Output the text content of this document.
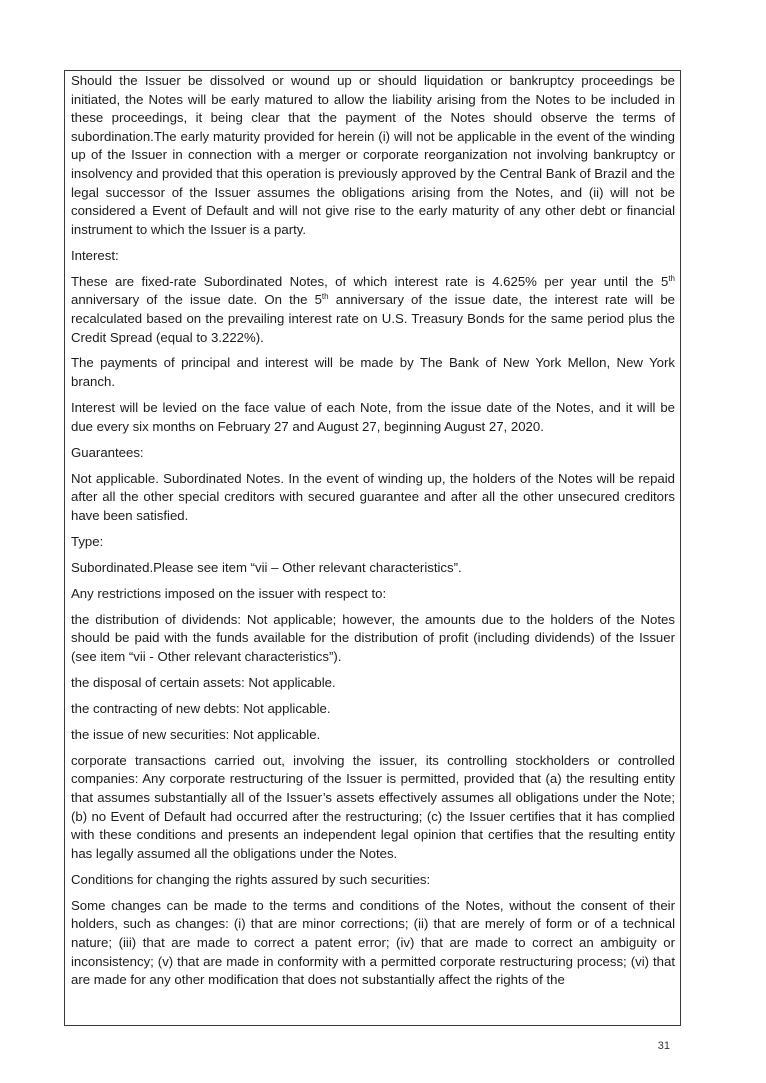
Should the Issuer be dissolved or wound up or should liquidation or bankruptcy proceedings be initiated, the Notes will be early matured to allow the liability arising from the Notes to be included in these proceedings, it being clear that the payment of the Notes should observe the terms of subordination.The early maturity provided for herein (i) will not be applicable in the event of the winding up of the Issuer in connection with a merger or corporate reorganization not involving bankruptcy or insolvency and provided that this operation is previously approved by the Central Bank of Brazil and the legal successor of the Issuer assumes the obligations arising from the Notes, and (ii) will not be considered a Event of Default and will not give rise to the early maturity of any other debt or financial instrument to which the Issuer is a party.

Interest:

These are fixed-rate Subordinated Notes, of which interest rate is 4.625% per year until the 5th anniversary of the issue date. On the 5th anniversary of the issue date, the interest rate will be recalculated based on the prevailing interest rate on U.S. Treasury Bonds for the same period plus the Credit Spread (equal to 3.222%).

The payments of principal and interest will be made by The Bank of New York Mellon, New York branch.

Interest will be levied on the face value of each Note, from the issue date of the Notes, and it will be due every six months on February 27 and August 27, beginning August 27, 2020.

Guarantees:

Not applicable. Subordinated Notes. In the event of winding up, the holders of the Notes will be repaid after all the other special creditors with secured guarantee and after all the other unsecured creditors have been satisfied.

Type:

Subordinated.Please see item “vii – Other relevant characteristics”.

Any restrictions imposed on the issuer with respect to:

the distribution of dividends: Not applicable; however, the amounts due to the holders of the Notes should be paid with the funds available for the distribution of profit (including dividends) of the Issuer (see item “vii - Other relevant characteristics”).

the disposal of certain assets: Not applicable.

the contracting of new debts: Not applicable.

the issue of new securities: Not applicable.

corporate transactions carried out, involving the issuer, its controlling stockholders or controlled companies: Any corporate restructuring of the Issuer is permitted, provided that (a) the resulting entity that assumes substantially all of the Issuer’s assets effectively assumes all obligations under the Note; (b) no Event of Default had occurred after the restructuring; (c) the Issuer certifies that it has complied with these conditions and presents an independent legal opinion that certifies that the resulting entity has legally assumed all the obligations under the Notes.

Conditions for changing the rights assured by such securities:

Some changes can be made to the terms and conditions of the Notes, without the consent of their holders, such as changes: (i) that are minor corrections; (ii) that are merely of form or of a technical nature; (iii) that are made to correct a patent error; (iv) that are made to correct an ambiguity or inconsistency; (v) that are made in conformity with a permitted corporate restructuring process; (vi) that are made for any other modification that does not substantially affect the rights of the

31
